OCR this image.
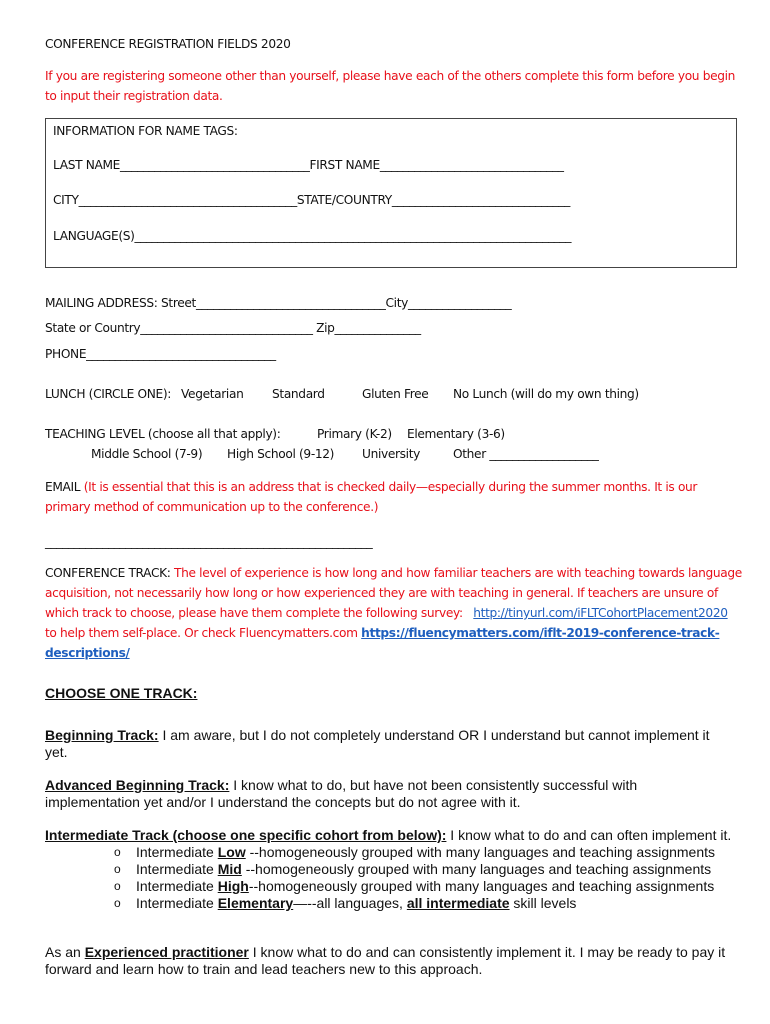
CONFERENCE REGISTRATION FIELDS 2020
If you are registering someone other than yourself, please have each of the others complete this form before you begin
to input their registration data.
INFORMATION FOR NAME TAGS:
LAST NAME_________________________________FIRST NAME________________________________
CITY______________________________________STATE/COUNTRY_______________________________
LANGUAGE(S)____________________________________________________________________________
MAILING ADDRESS: Street_________________________________City__________________
State or Country______________________________ Zip_______________
PHONE_________________________________
LUNCH (CIRCLE ONE): Vegetarian Standard	Gluten Free No Lunch (will do my own thing)
TEACHING LEVEL (choose all that apply):	Primary (K-2) Elementary (3-6)
Middle School (7-9) High School (9-12) University	Other ___________________
EMAIL (It is essential that this is an address that is checked daily—especially during the summer months. It is our
primary method of communication up to the conference.)
_________________________________________________________
CONFERENCE TRACK: The level of experience is how long and how familiar teachers are with teaching towards language
acquisition, not necessarily how long or how experienced they are with teaching in general. If teachers are unsure of
which track to choose, please have them complete the following survey: http://tinyurl.com/iFLTCohortPlacement2020
to help them self-place. Or check Fluencymatters.com https://fluencymatters.com/iflt-2019-conference-track-
descriptions/
CHOOSE ONE TRACK:
Beginning Track: I am aware, but I do not completely understand OR I understand but cannot implement it
yet.
Advanced Beginning Track: I know what to do, but have not been consistently successful with
implementation yet and/or I understand the concepts but do not agree with it.
Intermediate Track (choose one specific cohort from below): I know what to do and can often implement it.
o Intermediate Low --homogeneously grouped with many languages and teaching assignments
o Intermediate Mid --homogeneously grouped with many languages and teaching assignments
o Intermediate High--homogeneously grouped with many languages and teaching assignments
o Intermediate Elementary—--all languages, all intermediate skill levels
As an Experienced practitioner I know what to do and can consistently implement it. I may be ready to pay it
forward and learn how to train and lead teachers new to this approach.
